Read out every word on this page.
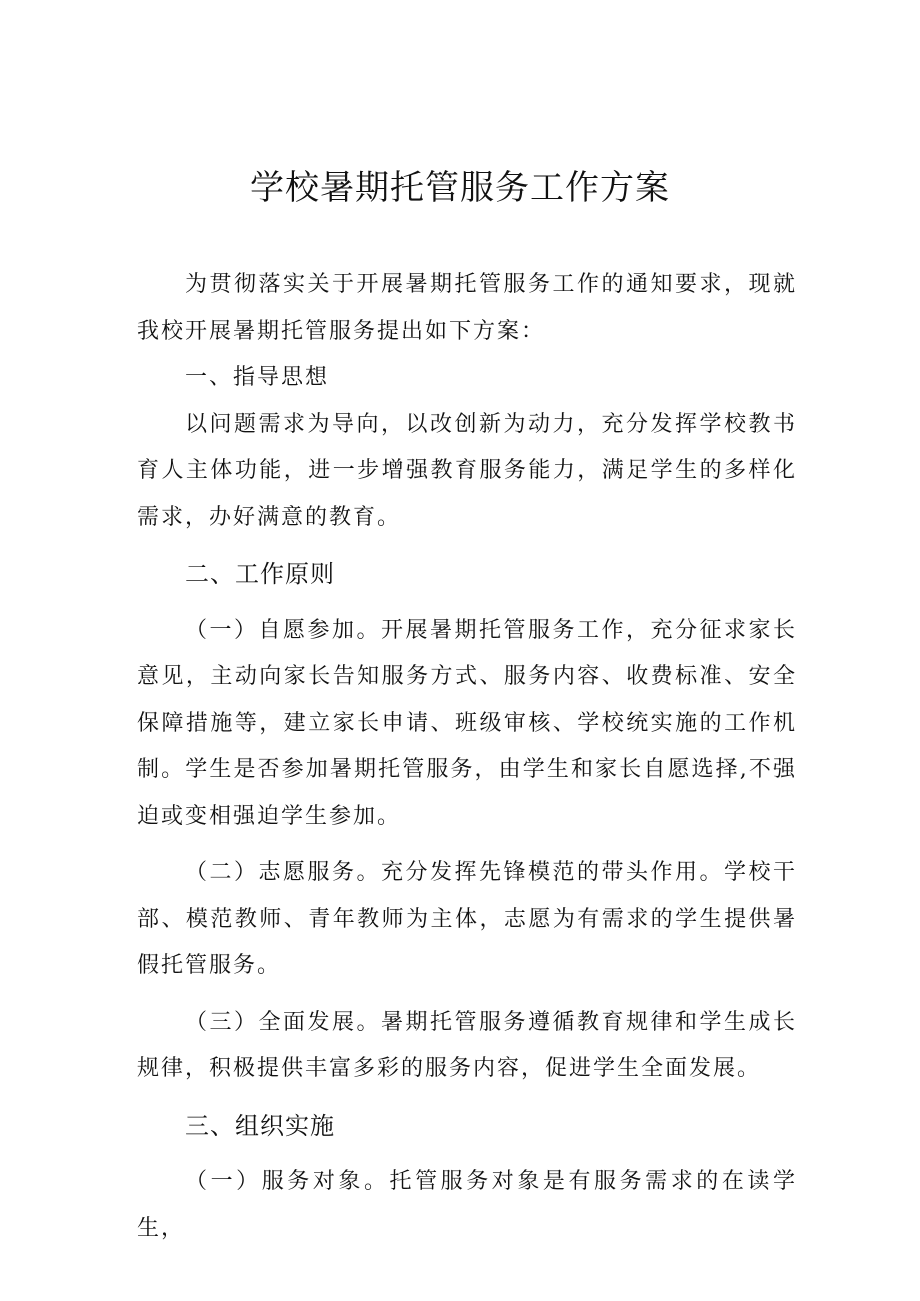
学校暑期托管服务工作方案

为贯彻落实关于开展暑期托管服务工作的通知要求，现就我校开展暑期托管服务提出如下方案：

一、指导思想

以问题需求为导向，以改创新为动力，充分发挥学校教书育人主体功能，进一步增强教育服务能力，满足学生的多样化需求，办好满意的教育。

二、工作原则

（一）自愿参加。开展暑期托管服务工作，充分征求家长意见，主动向家长告知服务方式、服务内容、收费标准、安全保障措施等，建立家长申请、班级审核、学校统实施的工作机制。学生是否参加暑期托管服务，由学生和家长自愿选择,不强迫或变相强迫学生参加。

（二）志愿服务。充分发挥先锋模范的带头作用。学校干部、模范教师、青年教师为主体，志愿为有需求的学生提供暑假托管服务。

（三）全面发展。暑期托管服务遵循教育规律和学生成长规律，积极提供丰富多彩的服务内容，促进学生全面发展。

三、组织实施

（一）服务对象。托管服务对象是有服务需求的在读学生，
